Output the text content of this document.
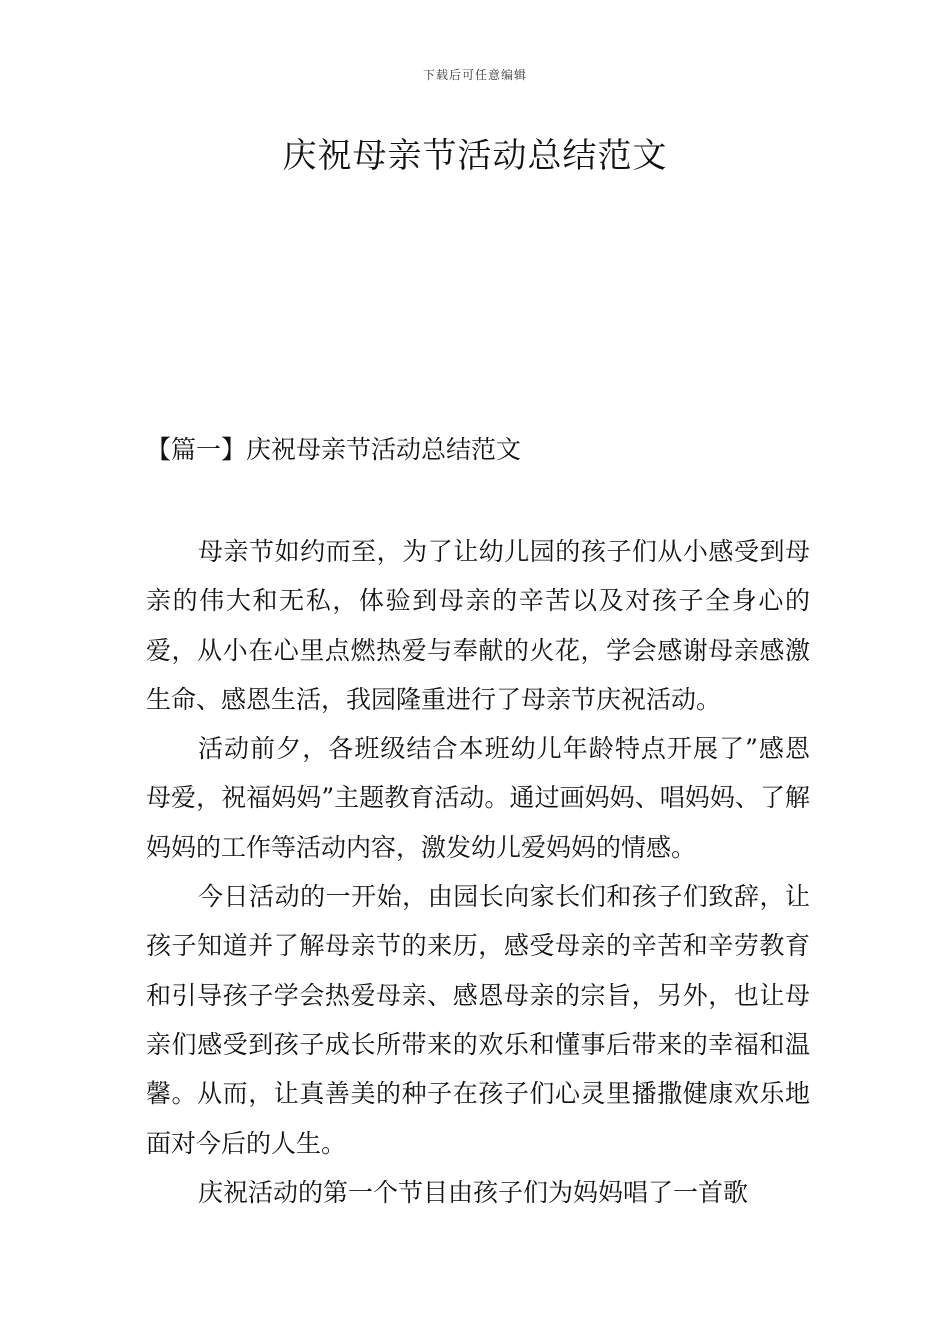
下载后可任意编辑
庆祝母亲节活动总结范文
【篇一】庆祝母亲节活动总结范文

母亲节如约而至，为了让幼儿园的孩子们从小感受到母亲的伟大和无私，体验到母亲的辛苦以及对孩子全身心的爱，从小在心里点燃热爱与奉献的火花，学会感谢母亲感激生命、感恩生活，我园隆重进行了母亲节庆祝活动。

活动前夕，各班级结合本班幼儿年龄特点开展了”感恩母爱，祝福妈妈”主题教育活动。通过画妈妈、唱妈妈、了解妈妈的工作等活动内容，激发幼儿爱妈妈的情感。

今日活动的一开始，由园长向家长们和孩子们致辞，让孩子知道并了解母亲节的来历，感受母亲的辛苦和辛劳教育和引导孩子学会热爱母亲、感恩母亲的宗旨，另外，也让母亲们感受到孩子成长所带来的欢乐和懂事后带来的幸福和温馨。从而，让真善美的种子在孩子们心灵里播撒健康欢乐地面对今后的人生。

庆祝活动的第一个节目由孩子们为妈妈唱了一首歌
